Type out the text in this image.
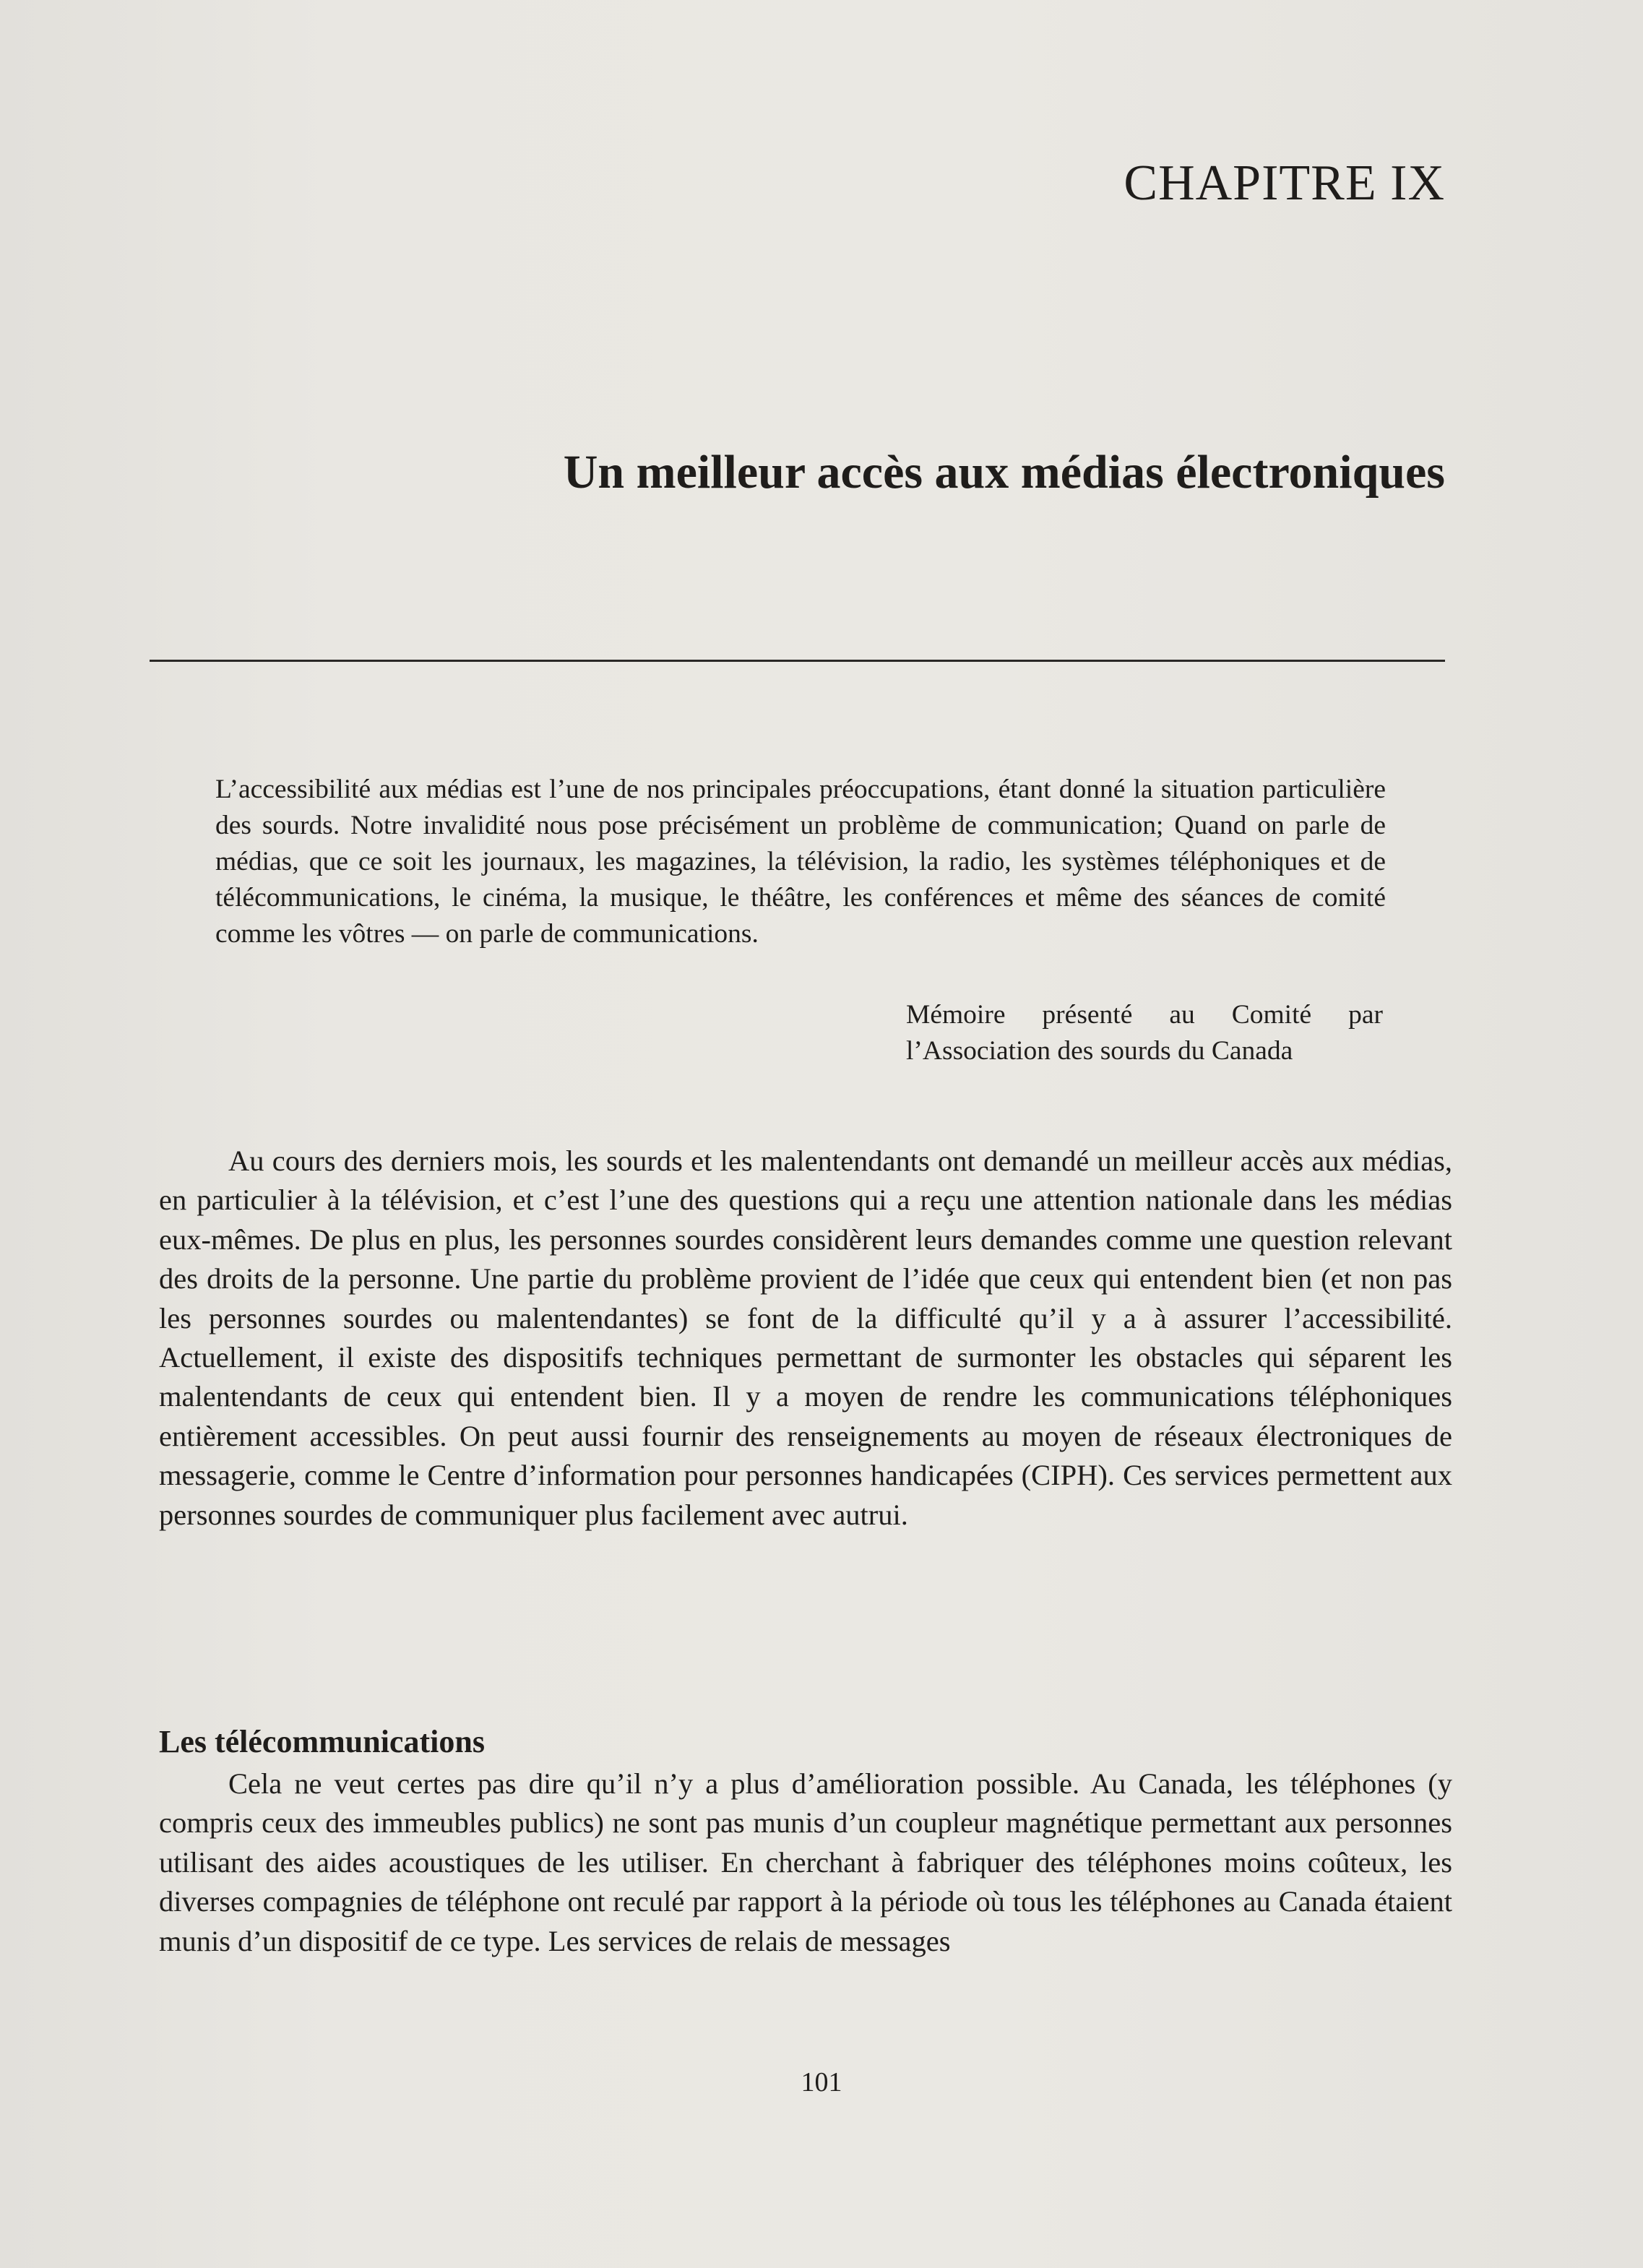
CHAPITRE IX
Un meilleur accès aux médias électroniques

L’accessibilité aux médias est l’une de nos principales préoccupations, étant donné la situation particulière des sourds. Notre invalidité nous pose précisément un problème de communication; Quand on parle de médias, que ce soit les journaux, les magazines, la télévision, la radio, les systèmes téléphoniques et de télécommunications, le cinéma, la musique, le théâtre, les conférences et même des séances de comité comme les vôtres — on parle de communications.

Mémoire présenté au Comité par l’Association des sourds du Canada

Au cours des derniers mois, les sourds et les malentendants ont demandé un meilleur accès aux médias, en particulier à la télévision, et c’est l’une des questions qui a reçu une attention nationale dans les médias eux-mêmes. De plus en plus, les personnes sourdes considèrent leurs demandes comme une question relevant des droits de la personne. Une partie du problème provient de l’idée que ceux qui entendent bien (et non pas les personnes sourdes ou malentendantes) se font de la difficulté qu’il y a à assurer l’accessibilité. Actuellement, il existe des dispositifs techniques permettant de surmonter les obstacles qui séparent les malentendants de ceux qui entendent bien. Il y a moyen de rendre les communications téléphoniques entièrement accessibles. On peut aussi fournir des renseignements au moyen de réseaux électroniques de messagerie, comme le Centre d’information pour personnes handicapées (CIPH). Ces services permettent aux personnes sourdes de communiquer plus facilement avec autrui.

Les télécommunications

Cela ne veut certes pas dire qu’il n’y a plus d’amélioration possible. Au Canada, les téléphones (y compris ceux des immeubles publics) ne sont pas munis d’un coupleur magnétique permettant aux personnes utilisant des aides acoustiques de les utiliser. En cherchant à fabriquer des téléphones moins coûteux, les diverses compagnies de téléphone ont reculé par rapport à la période où tous les téléphones au Canada étaient munis d’un dispositif de ce type. Les services de relais de messages

101
